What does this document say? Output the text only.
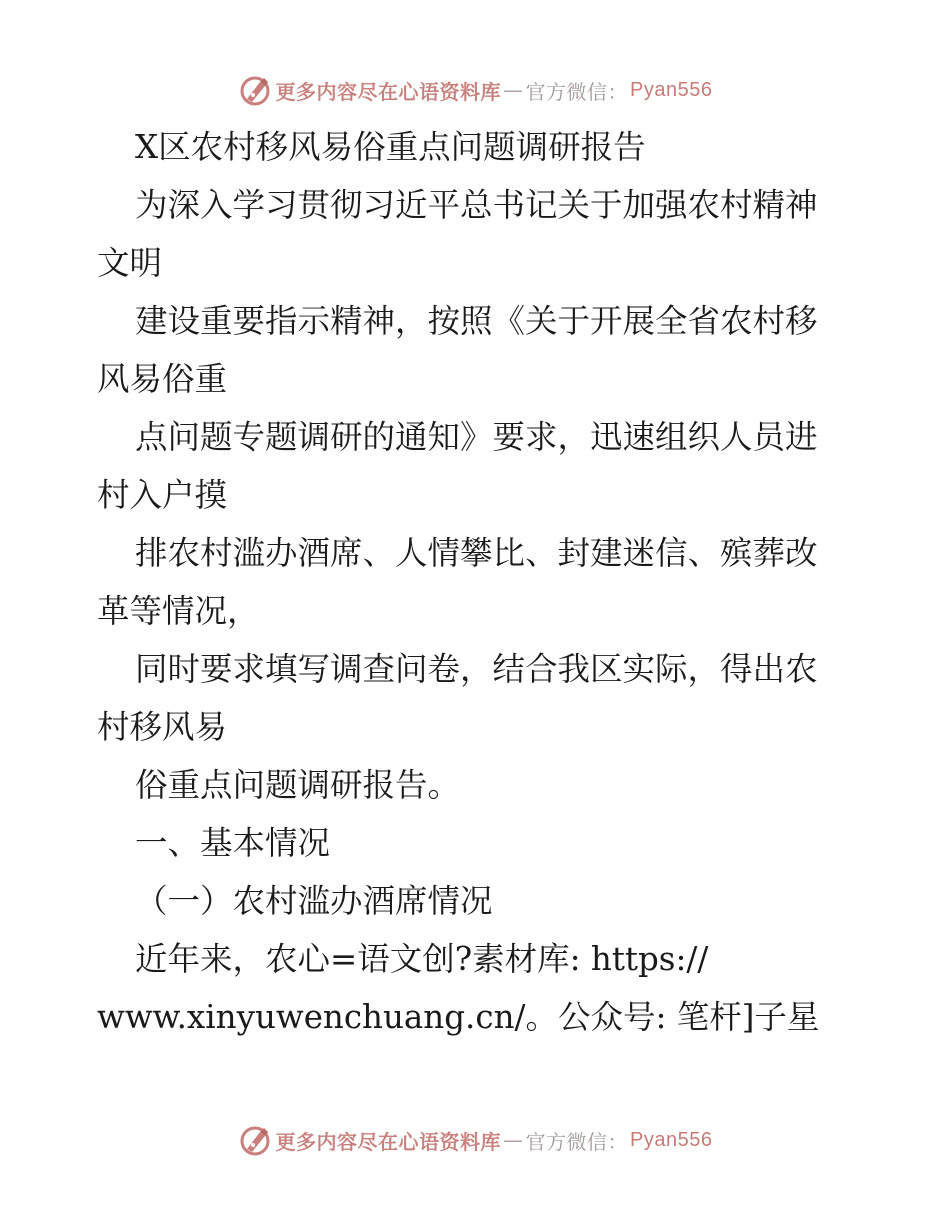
更多内容尽在心语资料库 — 官方微信： Pyan556

X区农村移风易俗重点问题调研报告

为深入学习贯彻习近平总书记关于加强农村精神

文明

建设重要指示精神，按照《关于开展全省农村移

风易俗重

点问题专题调研的通知》要求，迅速组织人员进

村入户摸

排农村滥办酒席、人情攀比、封建迷信、殡葬改

革等情况，

同时要求填写调查问卷，结合我区实际，得出农

村移风易

俗重点问题调研报告。

一、基本情况

（一）农村滥办酒席情况

近年来，农心=语文创?素材库: https://

www.xinyuwenchuang.cn/。公众号: 笔杆]子星

更多内容尽在心语资料库 — 官方微信： Pyan556
